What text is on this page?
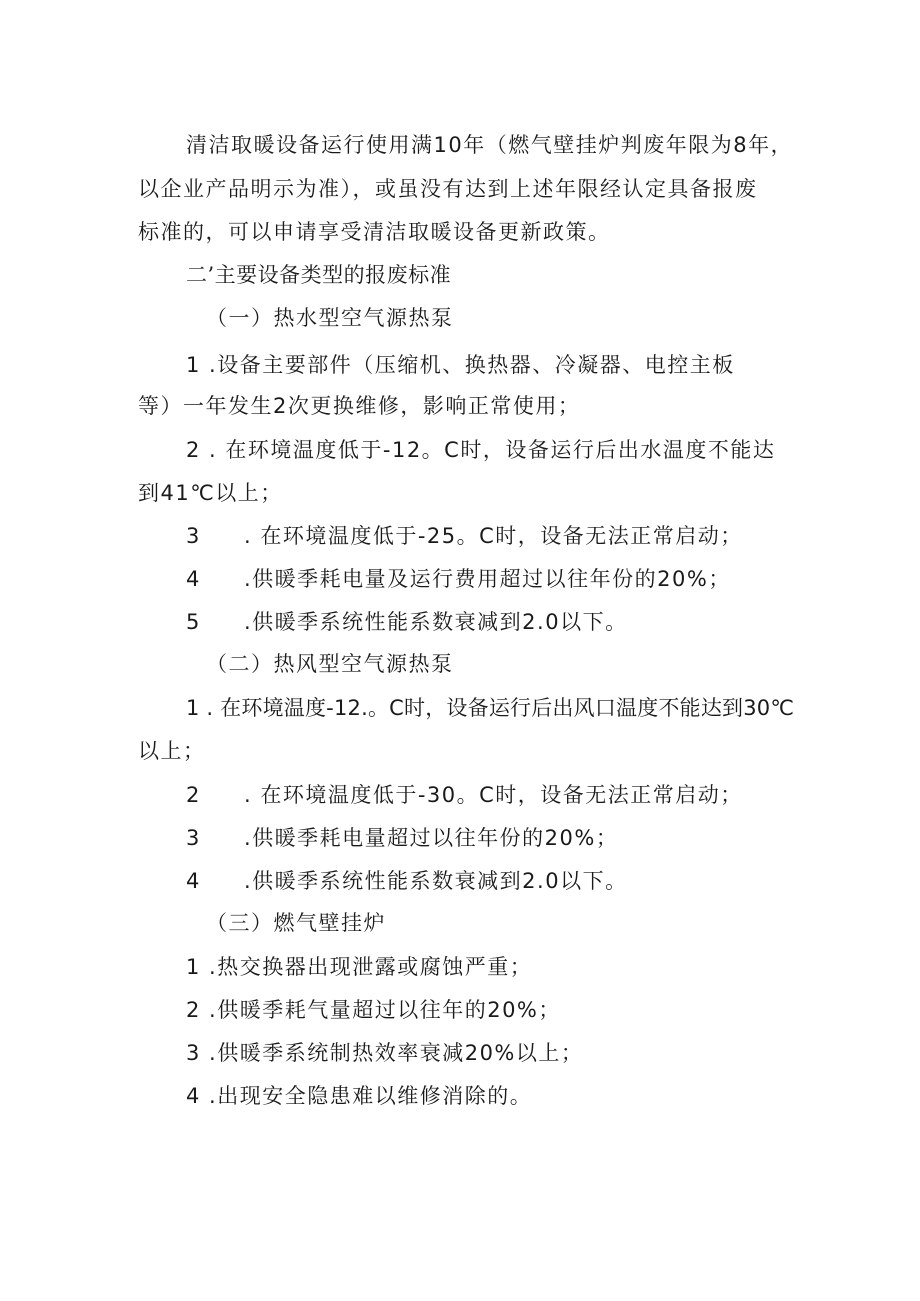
清洁取暖设备运行使用满10年（燃气壁挂炉判废年限为8年，
以企业产品明示为准），或虽没有达到上述年限经认定具备报废
标准的，可以申请享受清洁取暖设备更新政策。
二’主要设备类型的报废标准
（一）热水型空气源热泵
1 .设备主要部件（压缩机、换热器、冷凝器、电控主板
等）一年发生2次更换维修，影响正常使用；
2 . 在环境温度低于-12。C时，设备运行后出水温度不能达
到41℃以上；
3 . 在环境温度低于-25。C时，设备无法正常启动；
4 .供暖季耗电量及运行费用超过以往年份的20%；
5 .供暖季系统性能系数衰减到2.0以下。
（二）热风型空气源热泵
1 . 在环境温度-12.。C时，设备运行后出风口温度不能达到30℃
以上；
2 . 在环境温度低于-30。C时，设备无法正常启动；
3 .供暖季耗电量超过以往年份的20%；
4 .供暖季系统性能系数衰减到2.0以下。
（三）燃气壁挂炉
1 .热交换器出现泄露或腐蚀严重；
2 .供暖季耗气量超过以往年的20%；
3 .供暖季系统制热效率衰减20%以上；
4 .出现安全隐患难以维修消除的。
